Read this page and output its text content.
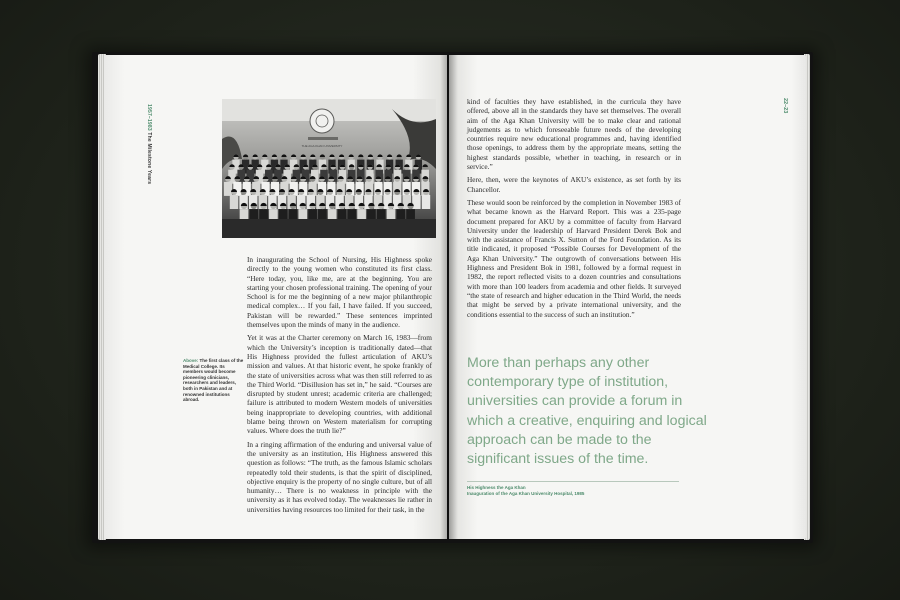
1957–1983 The Milestone Years	THE AGA KHAN UNIVERSITY
Above: The first class of the Medical College. Its members would become pioneering clinicians, researchers and leaders, both in Pakistan and at renowned institutions abroad.

In inaugurating the School of Nursing, His Highness spoke directly to the young women who constituted its first class. “Here today, you, like me, are at the beginning. You are starting your chosen professional training. The opening of your School is for me the beginning of a new major philanthropic medical complex… If you fail, I have failed. If you succeed, Pakistan will be rewarded.” These sentences imprinted themselves upon the minds of many in the audience.

Yet it was at the Charter ceremony on March 16, 1983—from which the University’s inception is traditionally dated—that His Highness provided the fullest articulation of AKU’s mission and values. At that historic event, he spoke frankly of the state of universities across what was then still referred to as the Third World. “Disillusion has set in,” he said. “Courses are disrupted by student unrest; academic criteria are challenged; failure is attributed to modern Western models of universities being inappropriate to developing countries, with additional blame being thrown on Western materialism for corrupting values. Where does the truth lie?”

In a ringing affirmation of the enduring and universal value of the university as an institution, His Highness answered this question as follows: “The truth, as the famous Islamic scholars repeatedly told their students, is that the spirit of disciplined, objective enquiry is the property of no single culture, but of all humanity… There is no weakness in principle with the university as it has evolved today. The weaknesses lie rather in universities having resources too limited for their task, in the

22–23

kind of faculties they have established, in the curricula they have offered, above all in the standards they have set themselves. The overall aim of the Aga Khan University will be to make clear and rational judgements as to which foreseeable future needs of the developing countries require new educational programmes and, having identified those openings, to address them by the appropriate means, setting the highest standards possible, whether in teaching, in research or in service.”

Here, then, were the keynotes of AKU’s existence, as set forth by its Chancellor.

These would soon be reinforced by the completion in November 1983 of what became known as the Harvard Report. This was a 235-page document prepared for AKU by a committee of faculty from Harvard University under the leadership of Harvard President Derek Bok and with the assistance of Francis X. Sutton of the Ford Foundation. As its title indicated, it proposed “Possible Courses for Development of the Aga Khan University.” The outgrowth of conversations between His Highness and President Bok in 1981, followed by a formal request in 1982, the report reflected visits to a dozen countries and consultations with more than 100 leaders from academia and other fields. It surveyed “the state of research and higher education in the Third World, the needs that might be served by a private international university, and the conditions essential to the success of such an institution.”

More than perhaps any other contemporary type of institution, universities can provide a forum in which a creative, enquiring and logical approach can be made to the significant issues of the time.

His Highness the Aga Khan
Inauguration of the Aga Khan University Hospital, 1985
